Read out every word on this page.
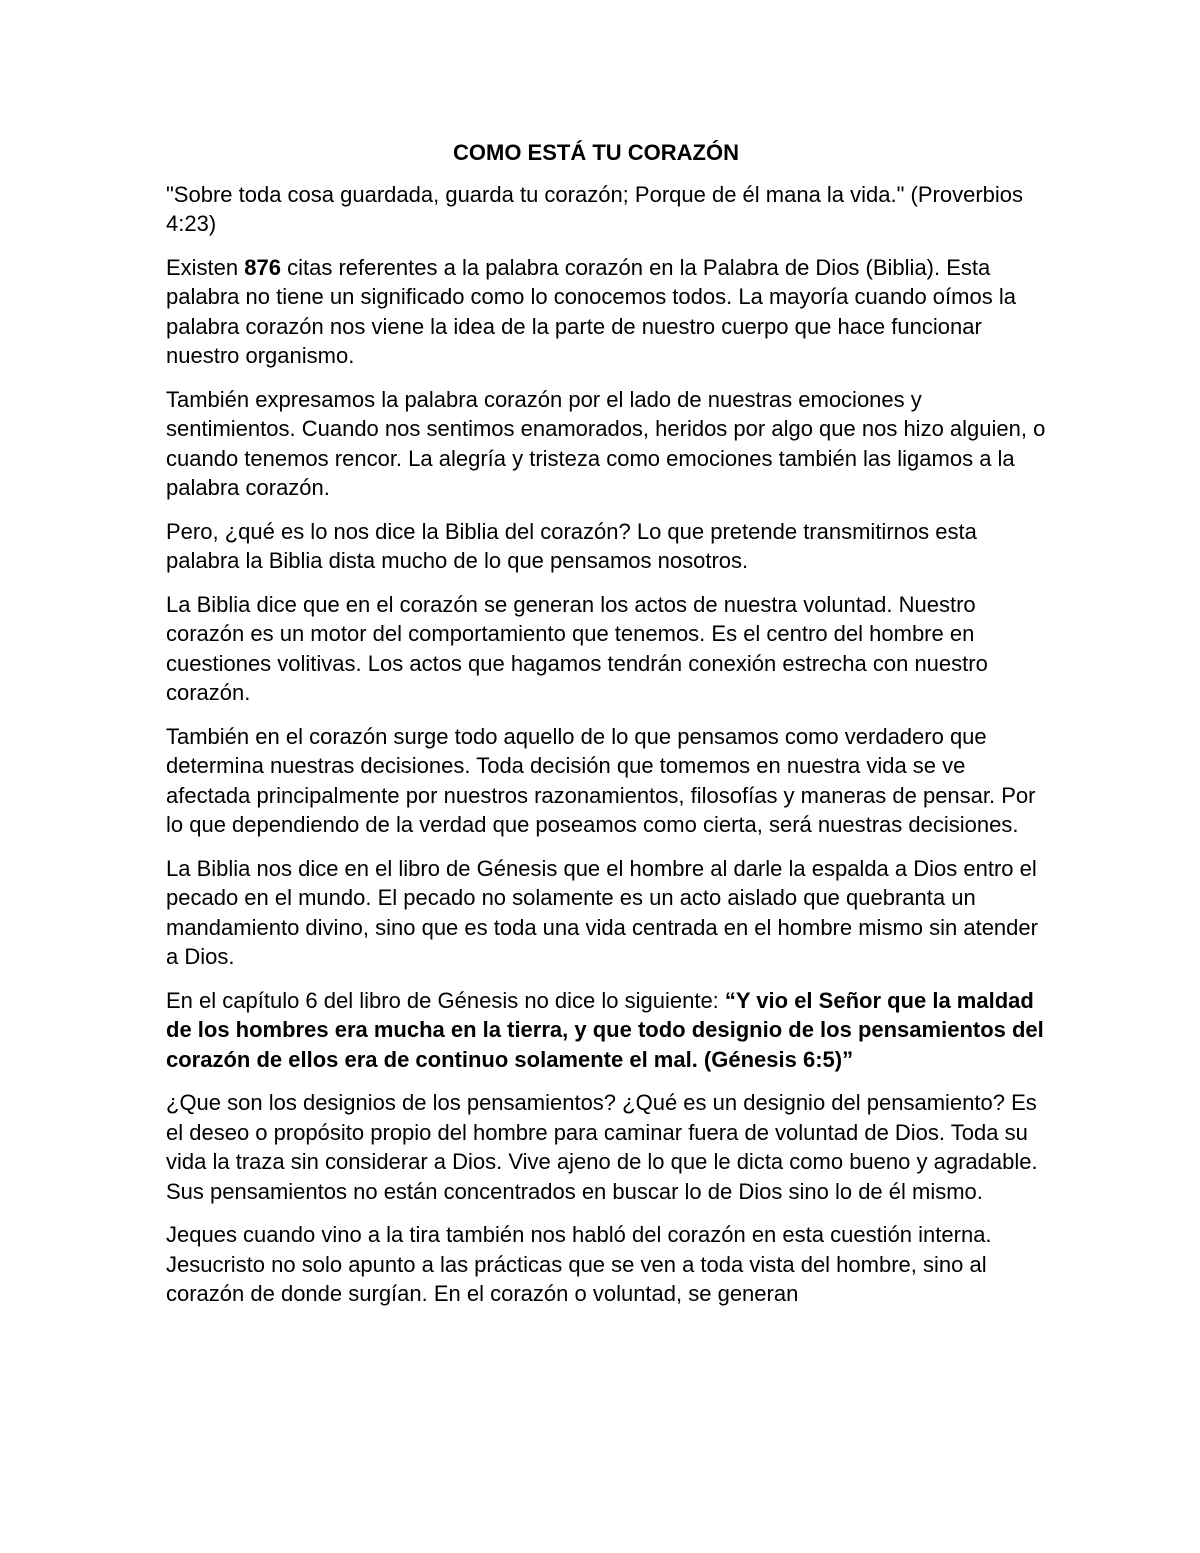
COMO ESTÁ TU CORAZÓN

"Sobre toda cosa guardada, guarda tu corazón; Porque de él mana la vida." (Proverbios 4:23)

Existen 876 citas referentes a la palabra corazón en la Palabra de Dios (Biblia). Esta palabra no tiene un significado como lo conocemos todos. La mayoría cuando oímos la palabra corazón nos viene la idea de la parte de nuestro cuerpo que hace funcionar nuestro organismo.

También expresamos la palabra corazón por el lado de nuestras emociones y sentimientos. Cuando nos sentimos enamorados, heridos por algo que nos hizo alguien, o cuando tenemos rencor. La alegría y tristeza como emociones también las ligamos a la palabra corazón.

Pero, ¿qué es lo nos dice la Biblia del corazón? Lo que pretende transmitirnos esta palabra la Biblia dista mucho de lo que pensamos nosotros.

La Biblia dice que en el corazón se generan los actos de nuestra voluntad. Nuestro corazón es un motor del comportamiento que tenemos. Es el centro del hombre en cuestiones volitivas. Los actos que hagamos tendrán conexión estrecha con nuestro corazón.

También en el corazón surge todo aquello de lo que pensamos como verdadero que determina nuestras decisiones. Toda decisión que tomemos en nuestra vida se ve afectada principalmente por nuestros razonamientos, filosofías y maneras de pensar. Por lo que dependiendo de la verdad que poseamos como cierta, será nuestras decisiones.

La Biblia nos dice en el libro de Génesis que el hombre al darle la espalda a Dios entro el pecado en el mundo. El pecado no solamente es un acto aislado que quebranta un mandamiento divino, sino que es toda una vida centrada en el hombre mismo sin atender a Dios.

En el capítulo 6 del libro de Génesis no dice lo siguiente: “Y vio el Señor que la maldad de los hombres era mucha en la tierra, y que todo designio de los pensamientos del corazón de ellos era de continuo solamente el mal. (Génesis 6:5)”

¿Que son los designios de los pensamientos? ¿Qué es un designio del pensamiento? Es el deseo o propósito propio del hombre para caminar fuera de voluntad de Dios. Toda su vida la traza sin considerar a Dios. Vive ajeno de lo que le dicta como bueno y agradable. Sus pensamientos no están concentrados en buscar lo de Dios sino lo de él mismo.

Jeques cuando vino a la tira también nos habló del corazón en esta cuestión interna. Jesucristo no solo apunto a las prácticas que se ven a toda vista del hombre, sino al corazón de donde surgían. En el corazón o voluntad, se generan
